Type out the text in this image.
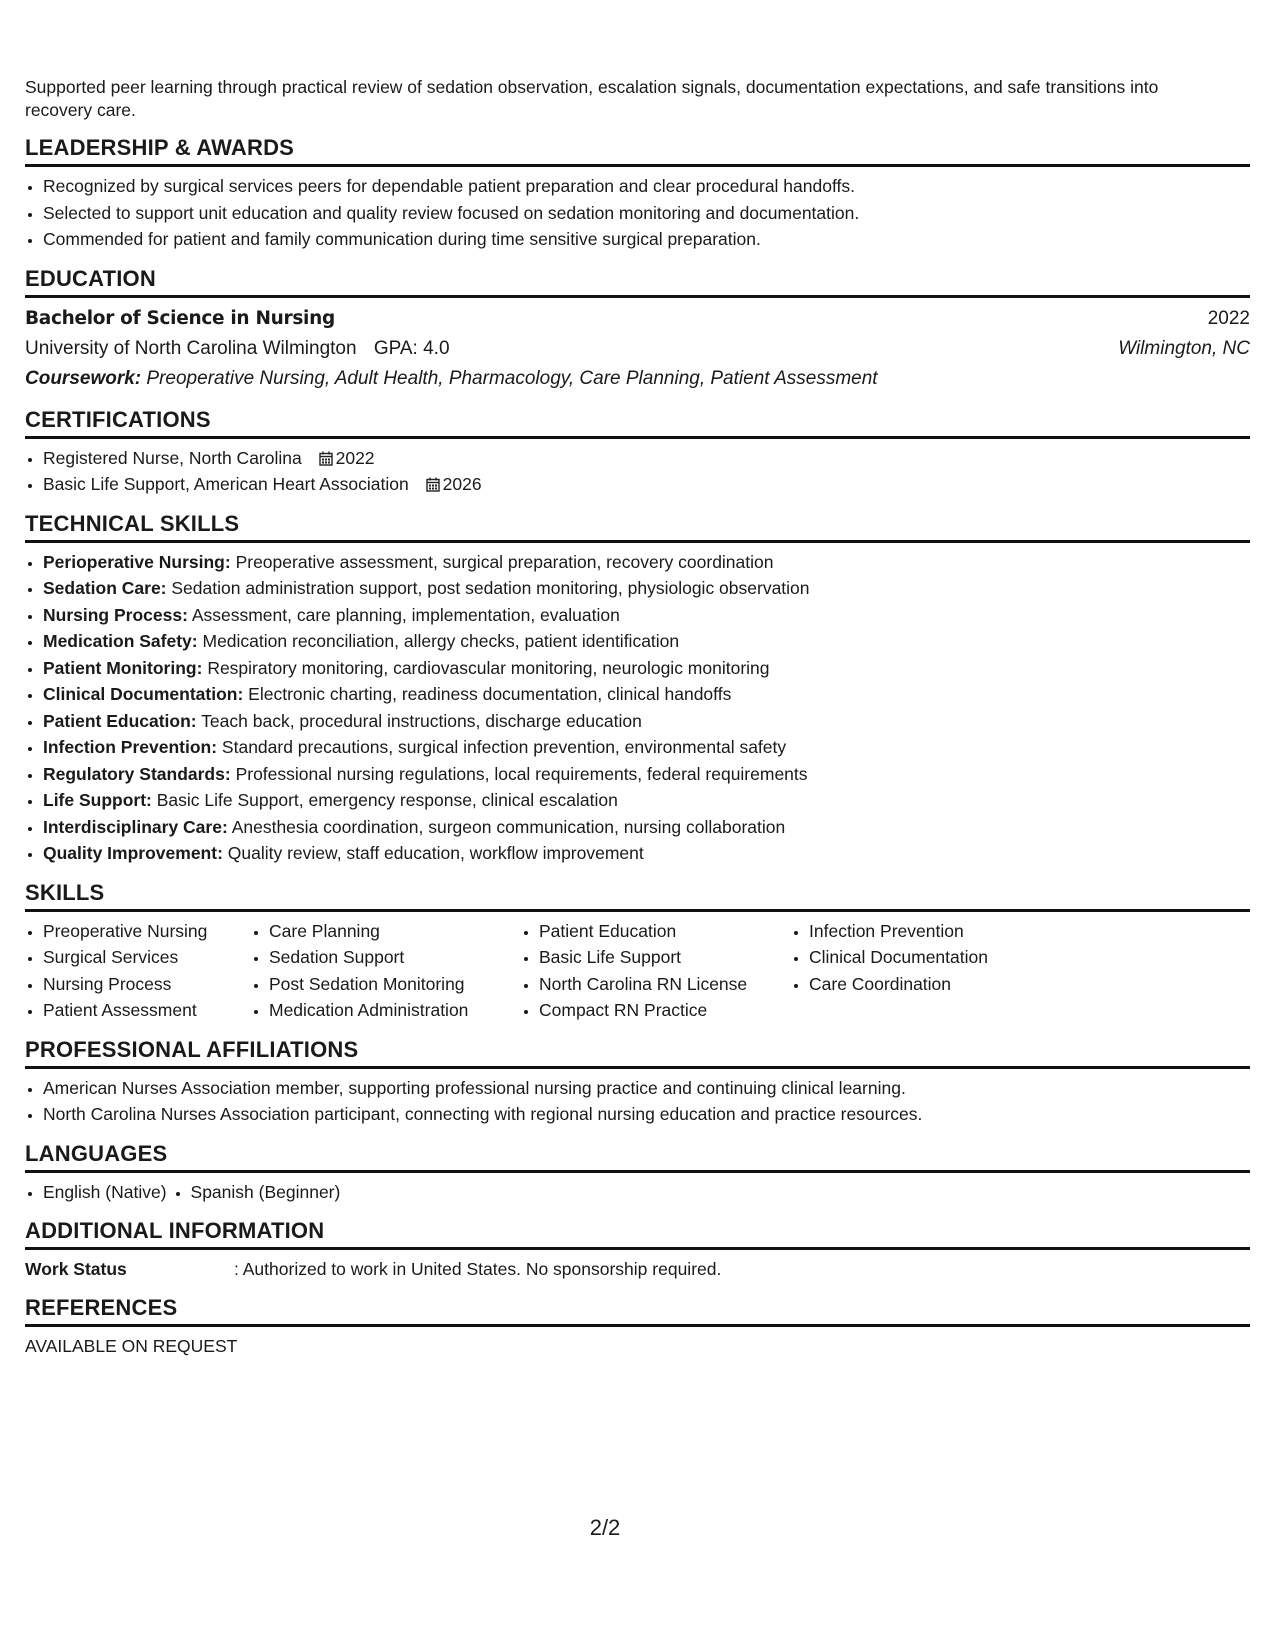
Supported peer learning through practical review of sedation observation, escalation signals, documentation expectations, and safe transitions into recovery care.

LEADERSHIP & AWARDS
• Recognized by surgical services peers for dependable patient preparation and clear procedural handoffs.
• Selected to support unit education and quality review focused on sedation monitoring and documentation.
• Commended for patient and family communication during time sensitive surgical preparation.
EDUCATION
Bachelor of Science in Nursing	2022
University of North Carolina Wilmington GPA: 4.0	Wilmington, NC
Coursework: Preoperative Nursing, Adult Health, Pharmacology, Care Planning, Patient Assessment
CERTIFICATIONS
• Registered Nurse, North Carolina 2022
• Basic Life Support, American Heart Association 2026
TECHNICAL SKILLS
• Perioperative Nursing: Preoperative assessment, surgical preparation, recovery coordination
• Sedation Care: Sedation administration support, post sedation monitoring, physiologic observation
• Nursing Process: Assessment, care planning, implementation, evaluation
• Medication Safety: Medication reconciliation, allergy checks, patient identification
• Patient Monitoring: Respiratory monitoring, cardiovascular monitoring, neurologic monitoring
• Clinical Documentation: Electronic charting, readiness documentation, clinical handoffs
• Patient Education: Teach back, procedural instructions, discharge education
• Infection Prevention: Standard precautions, surgical infection prevention, environmental safety
• Regulatory Standards: Professional nursing regulations, local requirements, federal requirements
• Life Support: Basic Life Support, emergency response, clinical escalation
• Interdisciplinary Care: Anesthesia coordination, surgeon communication, nursing collaboration
• Quality Improvement: Quality review, staff education, workflow improvement
SKILLS
• Preoperative Nursing
• Surgical Services
• Nursing Process
• Patient Assessment
• Care Planning
• Sedation Support
• Post Sedation Monitoring
• Medication Administration
• Patient Education
• Basic Life Support
• North Carolina RN License
• Compact RN Practice
• Infection Prevention
• Clinical Documentation
• Care Coordination
PROFESSIONAL AFFILIATIONS
• American Nurses Association member, supporting professional nursing practice and continuing clinical learning.
• North Carolina Nurses Association participant, connecting with regional nursing education and practice resources.
LANGUAGES
• English (Native)
• Spanish (Beginner)
ADDITIONAL INFORMATION
Work Status	: Authorized to work in United States. No sponsorship required.
REFERENCES
AVAILABLE ON REQUEST
2/2
